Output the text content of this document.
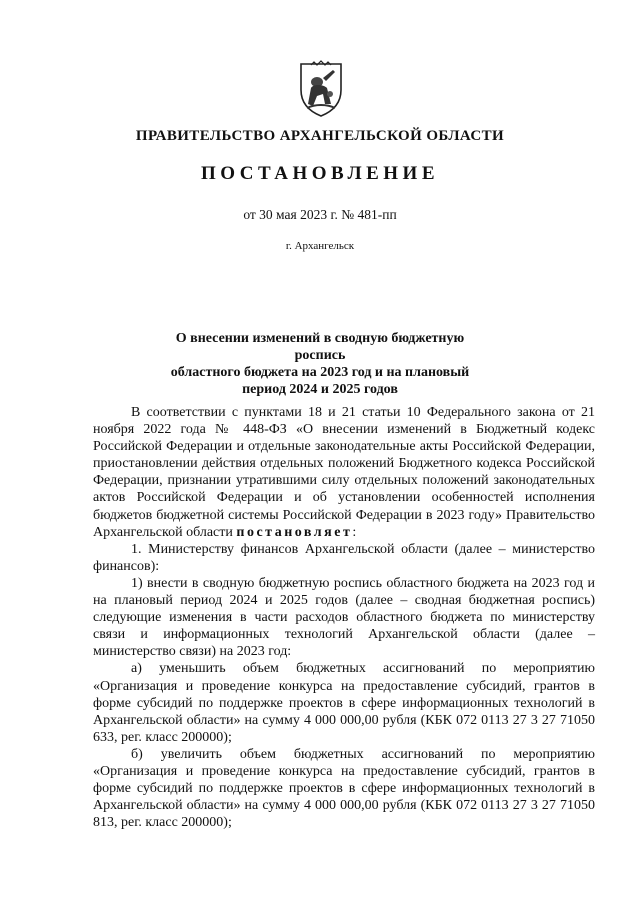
ПРАВИТЕЛЬСТВО АРХАНГЕЛЬСКОЙ ОБЛАСТИ
ПОСТАНОВЛЕНИЕ
от 30 мая 2023 г. № 481-пп
г. Архангельск
О внесении изменений в сводную бюджетную роспись
областного бюджета на 2023 год и на плановый
период 2024 и 2025 годов

В соответствии с пунктами 18 и 21 статьи 10 Федерального закона от 21 ноября 2022 года № 448-ФЗ «О внесении изменений в Бюджетный кодекс Российской Федерации и отдельные законодательные акты Российской Федерации, приостановлении действия отдельных положений Бюджетного кодекса Российской Федерации, признании утратившими силу отдельных положений законодательных актов Российской Федерации и об установлении особенностей исполнения бюджетов бюджетной системы Российской Федерации в 2023 году» Правительство Архангельской области постановляет:

1. Министерству финансов Архангельской области (далее – министерство финансов):

1) внести в сводную бюджетную роспись областного бюджета на 2023 год и на плановый период 2024 и 2025 годов (далее – сводная бюджетная роспись) следующие изменения в части расходов областного бюджета по министерству связи и информационных технологий Архангельской области (далее – министерство связи) на 2023 год:

а) уменьшить объем бюджетных ассигнований по мероприятию «Организация и проведение конкурса на предоставление субсидий, грантов в форме субсидий по поддержке проектов в сфере информационных технологий в Архангельской области» на сумму 4 000 000,00 рубля (КБК 072 0113 27 3 27 71050 633, рег. класс 200000);

б) увеличить объем бюджетных ассигнований по мероприятию «Организация и проведение конкурса на предоставление субсидий, грантов в форме субсидий по поддержке проектов в сфере информационных технологий в Архангельской области» на сумму 4 000 000,00 рубля (КБК 072 0113 27 3 27 71050 813, рег. класс 200000);
